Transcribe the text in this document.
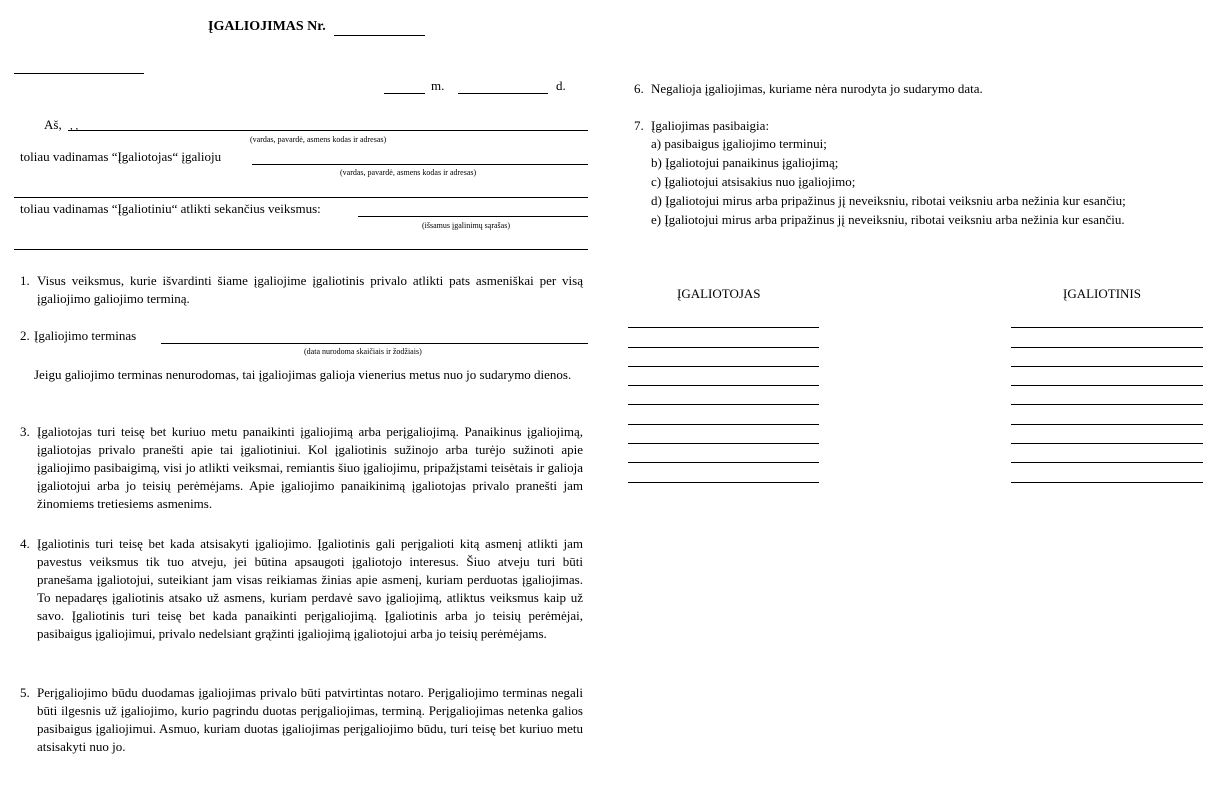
ĮGALIOJIMAS Nr.
m.	d.
Aš, , ,
(vardas, pavardė, asmens kodas ir adresas)
toliau vadinamas “Įgaliotojas“ įgalioju
(vardas, pavardė, asmens kodas ir adresas)
toliau vadinamas “Įgaliotiniu“ atlikti sekančius veiksmus:
(išsamus įgalinimų sąrašas)
1. Visus veiksmus, kurie išvardinti šiame įgaliojime įgaliotinis privalo atlikti pats asmeniškai per visą įgaliojimo galiojimo terminą.
2. Įgaliojimo terminas
(data nurodoma skaičiais ir žodžiais)
Jeigu galiojimo terminas nenurodomas, tai įgaliojimas galioja vienerius metus nuo jo sudarymo dienos.
3. Įgaliotojas turi teisę bet kuriuo metu panaikinti įgaliojimą arba perįgaliojimą. Panaikinus įgaliojimą, įgaliotojas privalo pranešti apie tai įgaliotiniui. Kol įgaliotinis sužinojo arba turėjo sužinoti apie įgaliojimo pasibaigimą, visi jo atlikti veiksmai, remiantis šiuo įgaliojimu, pripažįstami teisėtais ir galioja įgaliotojui arba jo teisių perėmėjams. Apie įgaliojimo panaikinimą įgaliotojas privalo pranešti jam žinomiems tretiesiems asmenims.
4. Įgaliotinis turi teisę bet kada atsisakyti įgaliojimo. Įgaliotinis gali perįgalioti kitą asmenį atlikti jam pavestus veiksmus tik tuo atveju, jei būtina apsaugoti įgaliotojo interesus. Šiuo atveju turi būti pranešama įgaliotojui, suteikiant jam visas reikiamas žinias apie asmenį, kuriam perduotas įgaliojimas. To nepadaręs įgaliotinis atsako už asmens, kuriam perdavė savo įgaliojimą, atliktus veiksmus kaip už savo. Įgaliotinis turi teisę bet kada panaikinti perįgaliojimą. Įgaliotinis arba jo teisių perėmėjai, pasibaigus įgaliojimui, privalo nedelsiant grąžinti įgaliojimą įgaliotojui arba jo teisių perėmėjams.
5. Perįgaliojimo būdu duodamas įgaliojimas privalo būti patvirtintas notaro. Perįgaliojimo terminas negali būti ilgesnis už įgaliojimo, kurio pagrindu duotas perįgaliojimas, terminą. Perįgaliojimas netenka galios pasibaigus įgaliojimui. Asmuo, kuriam duotas įgaliojimas perįgaliojimo būdu, turi teisę bet kuriuo metu atsisakyti nuo jo.
6. Negalioja įgaliojimas, kuriame nėra nurodyta jo sudarymo data.
7. Įgaliojimas pasibaigia:
a) pasibaigus įgaliojimo terminui;
b) Įgaliotojui panaikinus įgaliojimą;
c) Įgaliotojui atsisakius nuo įgaliojimo;
d) Įgaliotojui mirus arba pripažinus jį neveiksniu, ribotai veiksniu arba nežinia kur esančiu;
e) Įgaliotojui mirus arba pripažinus jį neveiksniu, ribotai veiksniu arba nežinia kur esančiu.
ĮGALIOTOJAS	ĮGALIOTINIS
